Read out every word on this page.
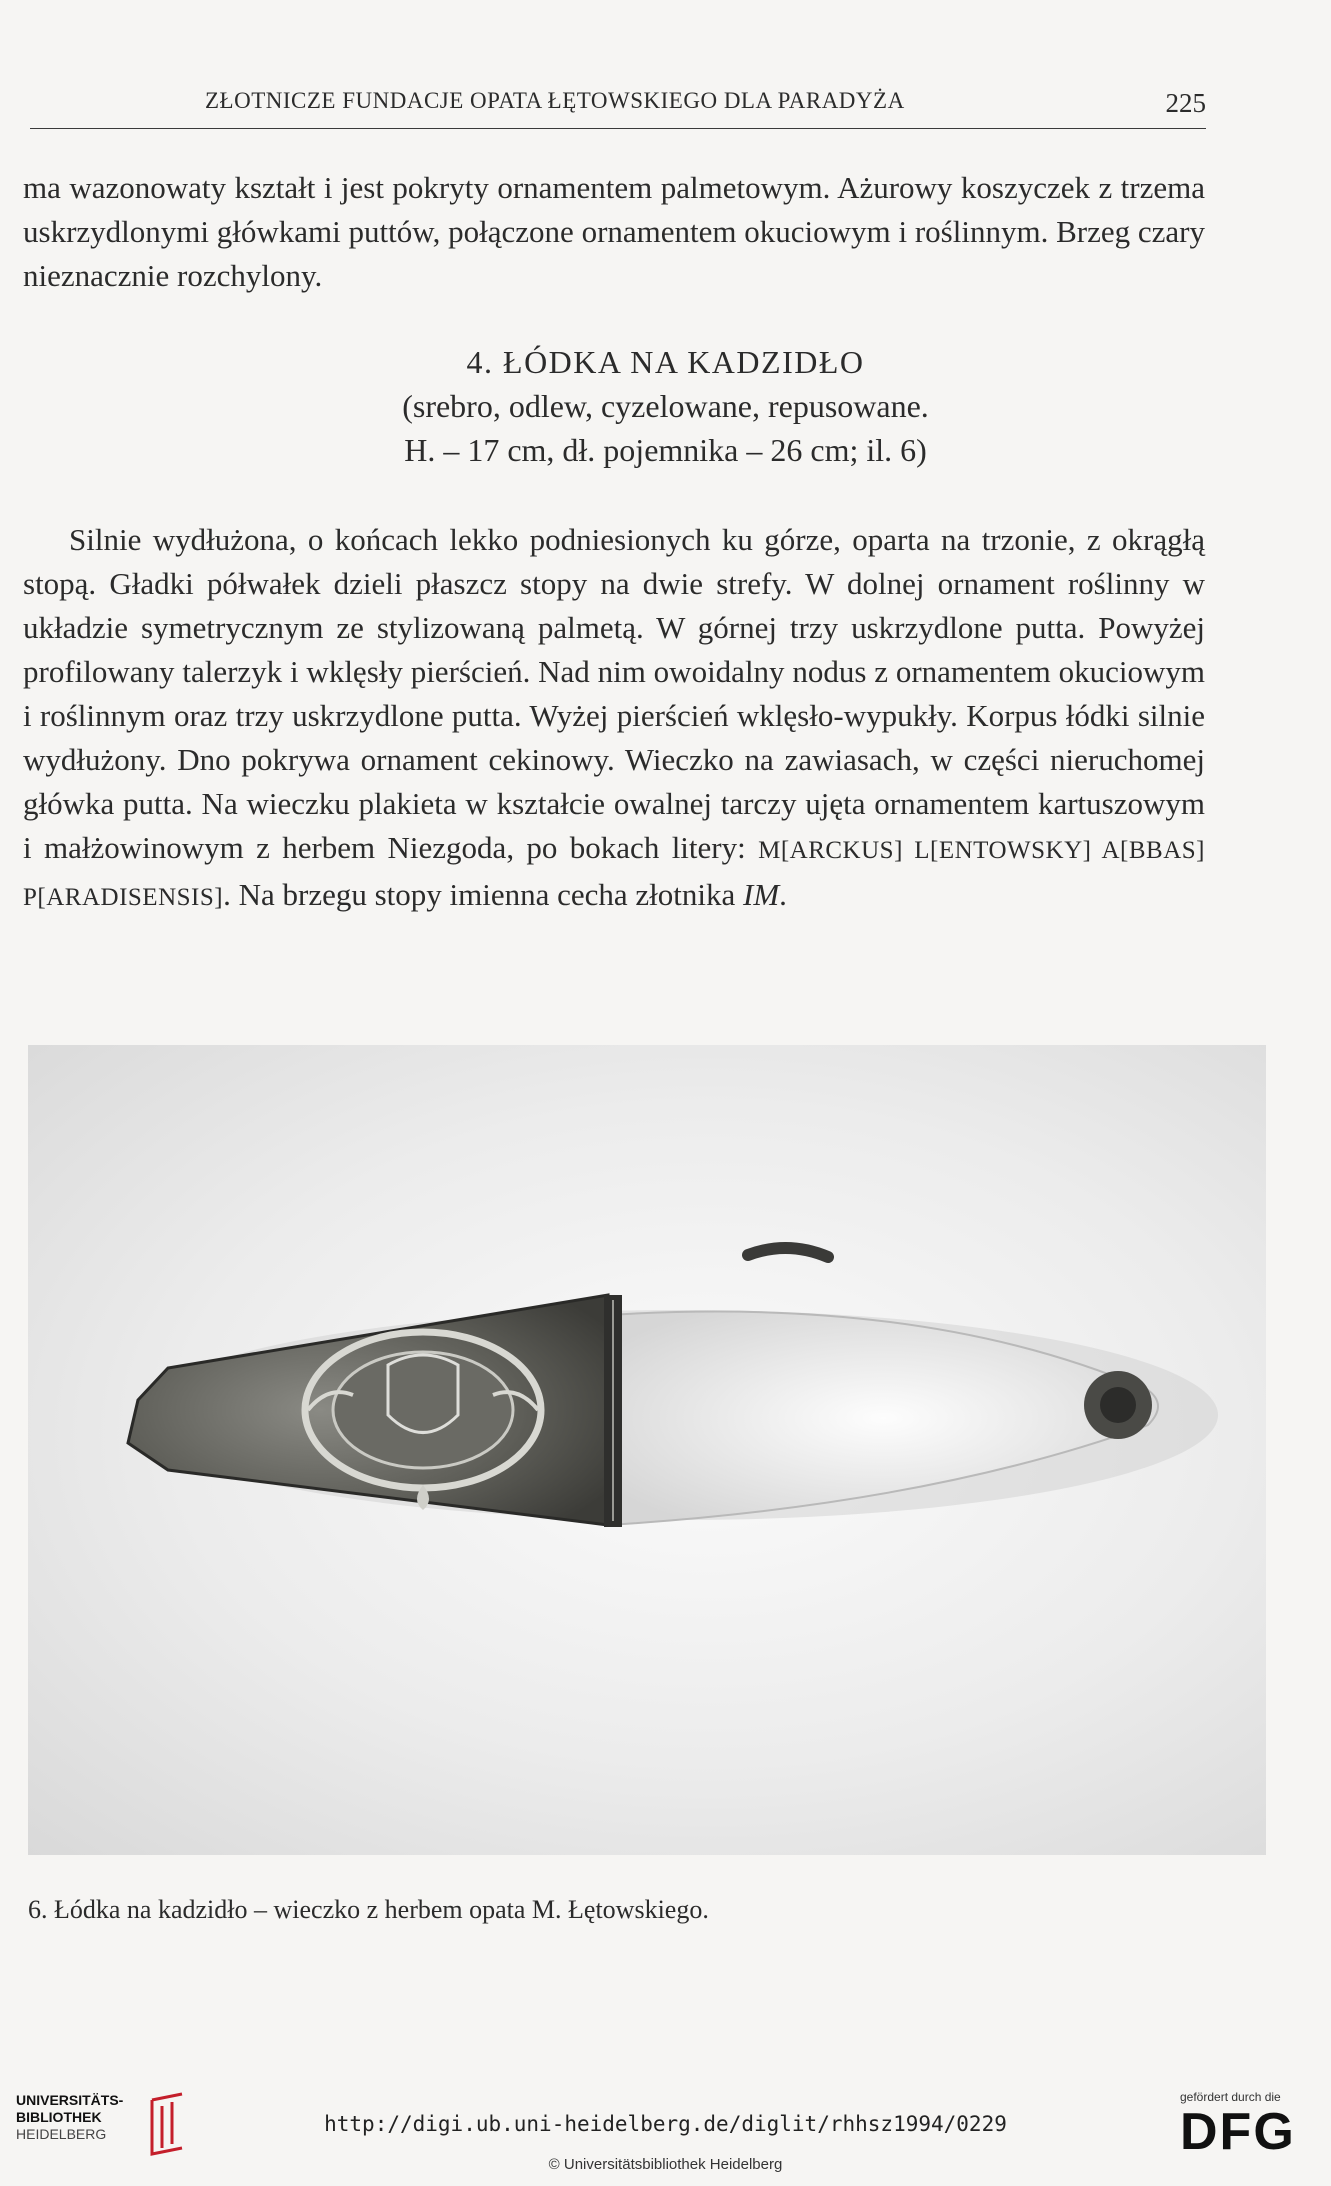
ZŁOTNICZE FUNDACJE OPATA ŁĘTOWSKIEGO DLA PARADYŻA	225

ma wazonowaty kształt i jest pokryty ornamentem palmetowym. Ażurowy koszyczek z trzema uskrzydlonymi główkami puttów, połączone ornamentem okuciowym i roślinnym. Brzeg czary nieznacznie rozchylony.

4. ŁÓDKA NA KADZIDŁO
(srebro, odlew, cyzelowane, repusowane.
H. – 17 cm, dł. pojemnika – 26 cm; il. 6)

Silnie wydłużona, o końcach lekko podniesionych ku górze, oparta na trzonie, z okrągłą stopą. Gładki półwałek dzieli płaszcz stopy na dwie strefy. W dolnej ornament roślinny w układzie symetrycznym ze stylizowaną palmetą. W górnej trzy uskrzydlone putta. Powyżej profilowany talerzyk i wklęsły pierścień. Nad nim owoidalny nodus z ornamentem okuciowym i roślinnym oraz trzy uskrzydlone putta. Wyżej pierścień wklęsło-wypukły. Korpus łódki silnie wydłużony. Dno pokrywa ornament cekinowy. Wieczko na zawiasach, w części nieruchomej główka putta. Na wieczku plakieta w kształcie owalnej tarczy ujęta ornamentem kartuszowym i małżowinowym z herbem Niezgoda, po bokach litery: M[ARCKUS] L[ENTOWSKY] A[BBAS] P[ARADISENSIS]. Na brzegu stopy imienna cecha złotnika IM.

6. Łódka na kadzidło – wieczko z herbem opata M. Łętowskiego.
UNIVERSITÄTS-
BIBLIOTHEK
HEIDELBERG	http://digi.ub.uni-heidelberg.de/diglit/rhhsz1994/0229
© Universitätsbibliothek Heidelberg
gefördert durch die
DFG
